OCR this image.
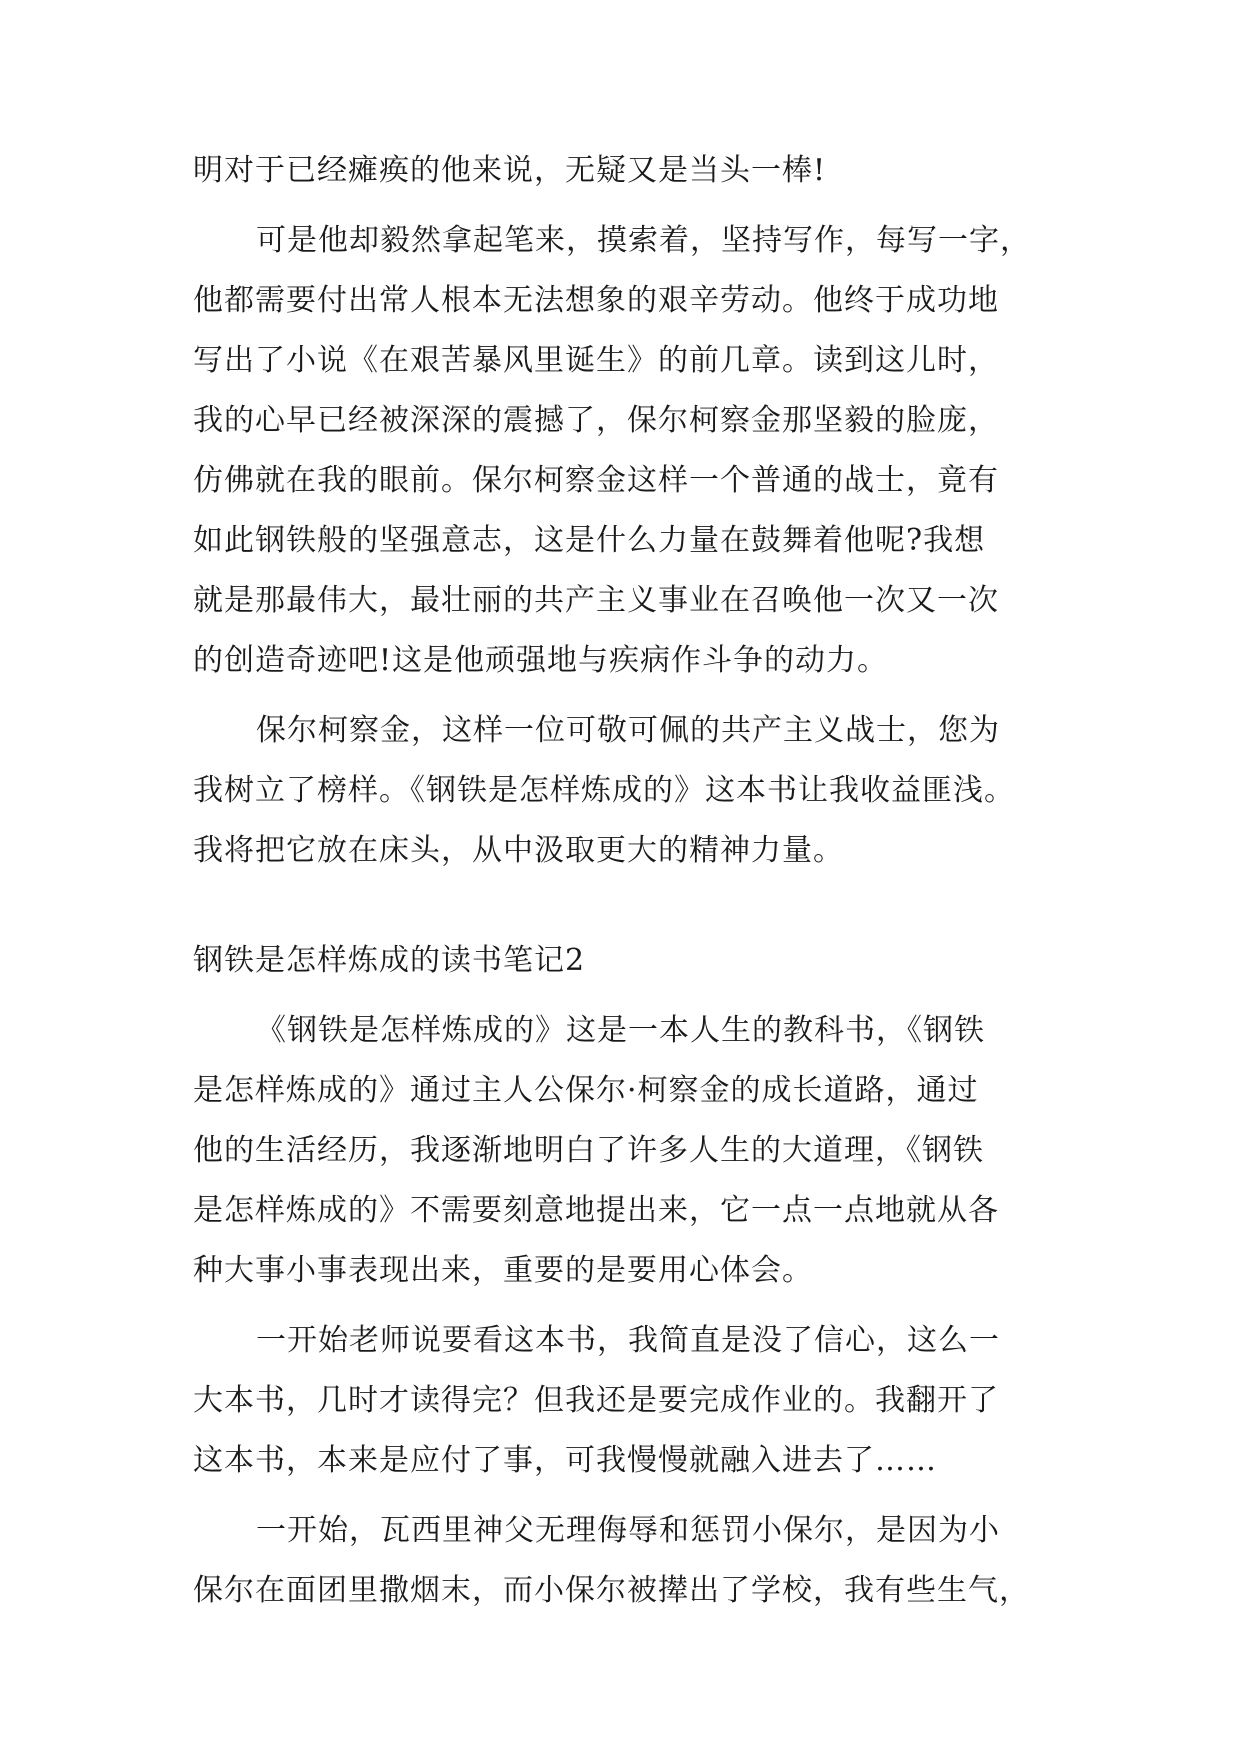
明对于已经瘫痪的他来说，无疑又是当头一棒!
可是他却毅然拿起笔来，摸索着，坚持写作，每写一字，
他都需要付出常人根本无法想象的艰辛劳动。他终于成功地
写出了小说《在艰苦暴风里诞生》的前几章。读到这儿时，
我的心早已经被深深的震撼了，保尔柯察金那坚毅的脸庞，
仿佛就在我的眼前。保尔柯察金这样一个普通的战士，竟有
如此钢铁般的坚强意志，这是什么力量在鼓舞着他呢?我想
就是那最伟大，最壮丽的共产主义事业在召唤他一次又一次
的创造奇迹吧!这是他顽强地与疾病作斗争的动力。
保尔柯察金，这样一位可敬可佩的共产主义战士，您为
我树立了榜样。《钢铁是怎样炼成的》这本书让我收益匪浅。
我将把它放在床头，从中汲取更大的精神力量。
钢铁是怎样炼成的读书笔记2
《钢铁是怎样炼成的》这是一本人生的教科书，《钢铁
是怎样炼成的》通过主人公保尔·柯察金的成长道路，通过
他的生活经历，我逐渐地明白了许多人生的大道理，《钢铁
是怎样炼成的》不需要刻意地提出来，它一点一点地就从各
种大事小事表现出来，重要的是要用心体会。
一开始老师说要看这本书，我简直是没了信心，这么一
大本书，几时才读得完？但我还是要完成作业的。我翻开了
这本书，本来是应付了事，可我慢慢就融入进去了……
一开始，瓦西里神父无理侮辱和惩罚小保尔，是因为小
保尔在面团里撒烟末，而小保尔被撵出了学校，我有些生气，
